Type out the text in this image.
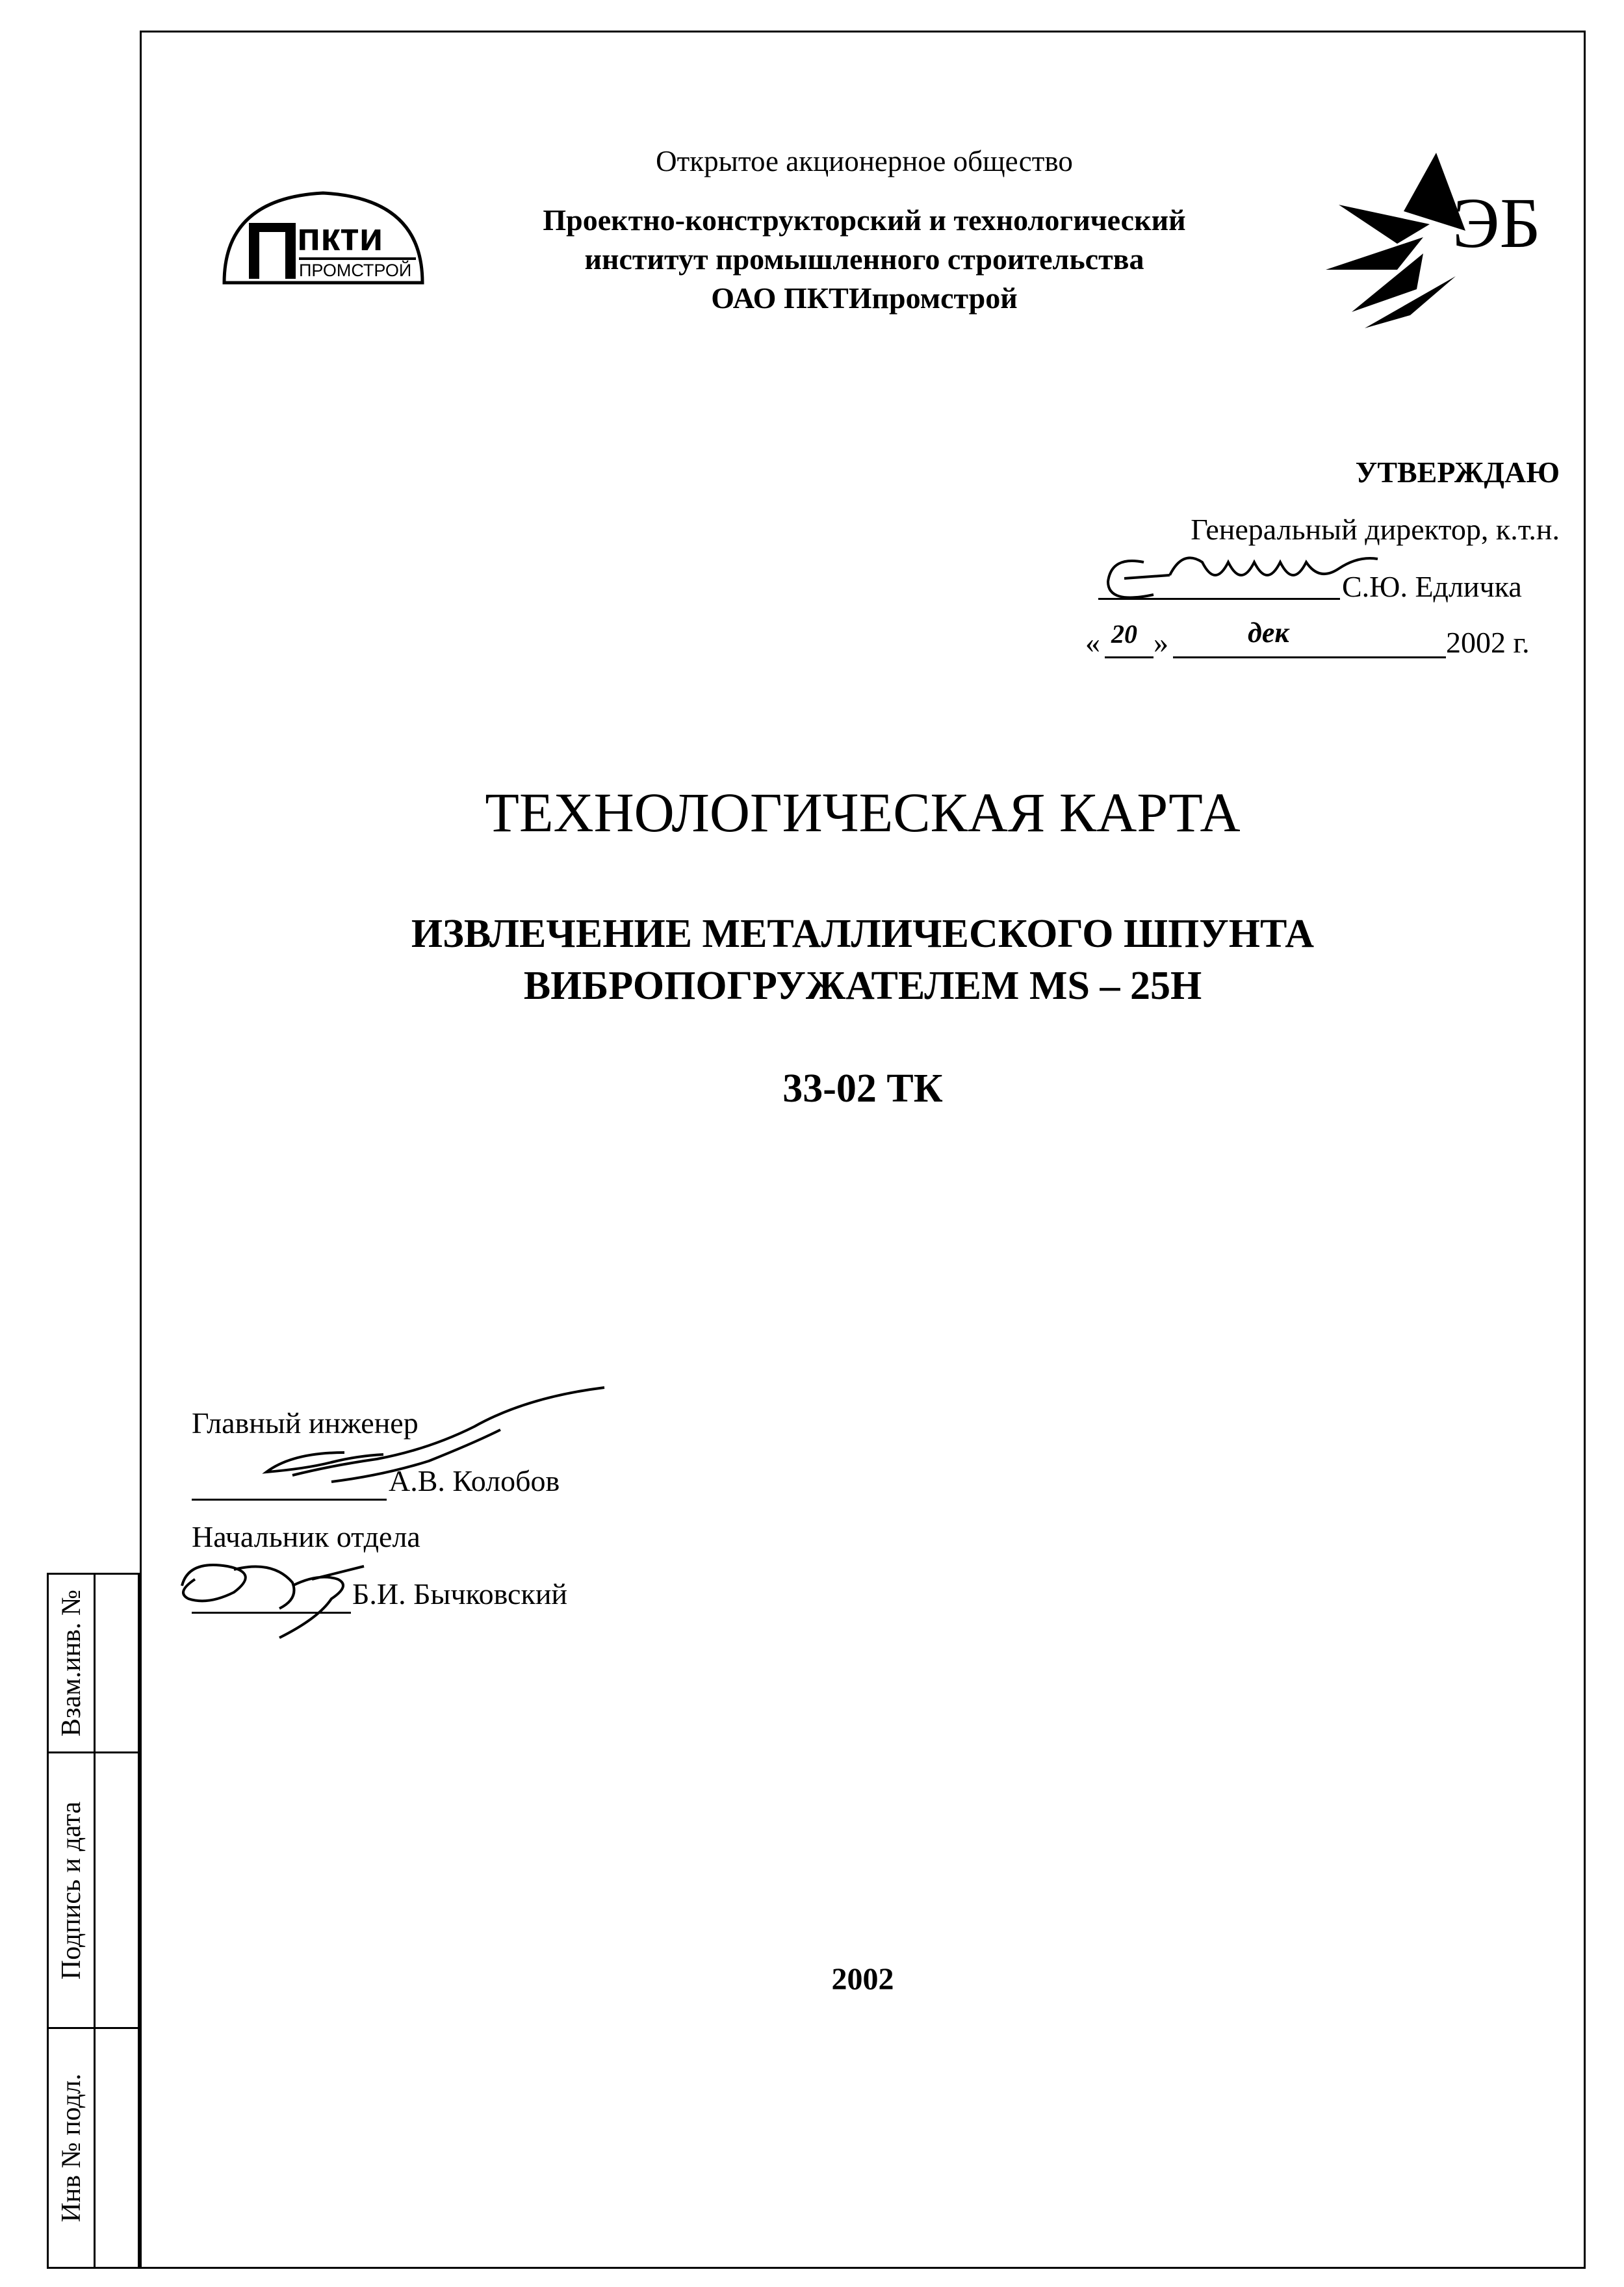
Взам.инв. №
Подпись и дата
Инв № подл.
пкти
ПРОМСТРОЙ
Открытое акционерное общество
Проектно-конструкторский и технологический
институт промышленного строительства
ОАО ПКТИпромстрой
ЭБ
УТВЕРЖДАЮ
Генеральный директор, к.т.н.
С.Ю. Едличка
« 20 »	дек	2002 г.
ТЕХНОЛОГИЧЕСКАЯ КАРТА
ИЗВЛЕЧЕНИЕ МЕТАЛЛИЧЕСКОГО ШПУНТА
ВИБРОПОГРУЖАТЕЛЕМ MS – 25H
33-02 ТК
Главный инженер
А.В. Колобов
Начальник отдела
Б.И. Бычковский
2002
